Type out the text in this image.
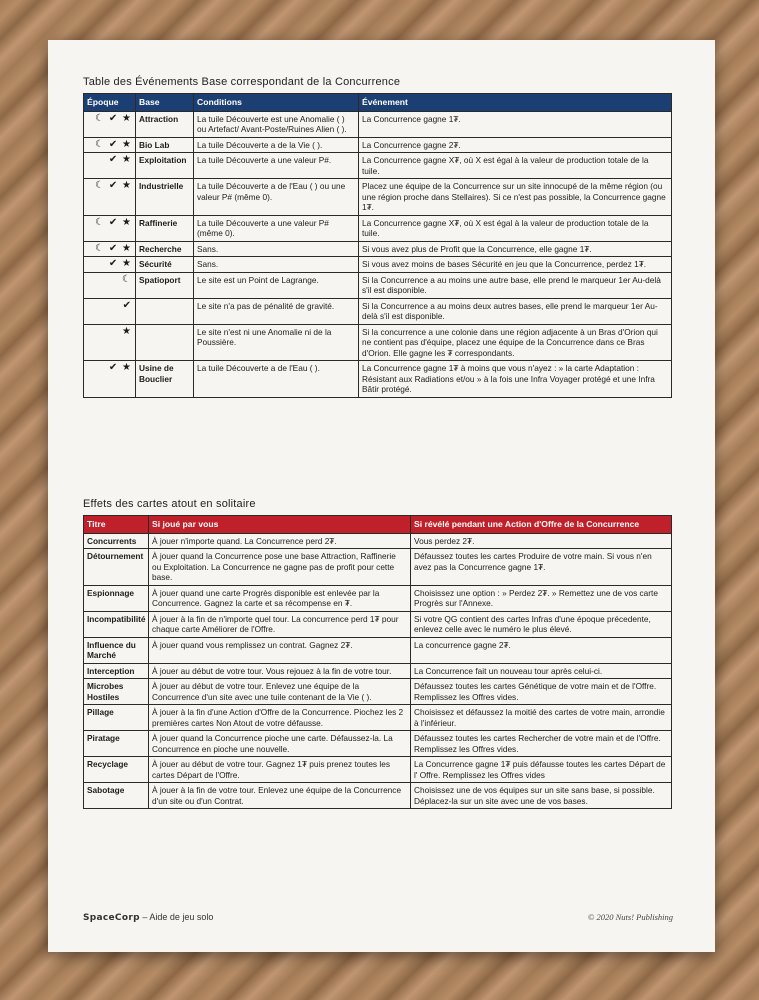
Table des Événements Base correspondant de la Concurrence
Époque	Base	Conditions	Événement
☾ ✔ ★	Attraction	La tuile Découverte est une Anomalie ( ) ou Artefact/ Avant-Poste/Ruines Alien ( ).	La Concurrence gagne 1₮.
☾ ✔ ★	Bio Lab	La tuile Découverte a de la Vie ( ).	La Concurrence gagne 2₮.
✔ ★	Exploitation	La tuile Découverte a une valeur P#.	La Concurrence gagne X₮, où X est égal à la valeur de production totale de la tuile.
☾ ✔ ★	Industrielle	La tuile Découverte a de l'Eau ( ) ou une valeur P# (même 0).	Placez une équipe de la Concurrence sur un site innocupé de la même région (ou une région proche dans Stellaires). Si ce n'est pas possible, la Concurrence gagne 1₮.
☾ ✔ ★	Raffinerie	La tuile Découverte a une valeur P# (même 0).	La Concurrence gagne X₮, où X est égal à la valeur de production totale de la tuile.
☾ ✔ ★	Recherche	Sans.	Si vous avez plus de Profit que la Concurrence, elle gagne 1₮.
✔ ★	Sécurité	Sans.	Si vous avez moins de bases Sécurité en jeu que la Concurrence, perdez 1₮.
☾	Spatioport	Le site est un Point de Lagrange.	Si la Concurrence a au moins une autre base, elle prend le marqueur 1er Au-delà s'il est disponible.
✔		Le site n'a pas de pénalité de gravité.	Si la Concurrence a au moins deux autres bases, elle prend le marqueur 1er Au-delà s'il est disponible.
★		Le site n'est ni une Anomalie ni de la Poussière.	Si la concurrence a une colonie dans une région adjacente à un Bras d'Orion qui ne contient pas d'équipe, placez une équipe de la Concurrence dans ce Bras d'Orion. Elle gagne les ₮ correspondants.
✔ ★	Usine de Bouclier	La tuile Découverte a de l'Eau ( ).	La Concurrence gagne 1₮ à moins que vous n'ayez : » la carte Adaptation : Résistant aux Radiations et/ou » à la fois une Infra Voyager protégé et une Infra Bâtir protégé.
Effets des cartes atout en solitaire
Titre	Si joué par vous	Si révélé pendant une Action d'Offre de la Concurrence
Concurrents	À jouer n'importe quand. La Concurrence perd 2₮.	Vous perdez 2₮.
Détournement	À jouer quand la Concurrence pose une base Attraction, Raffinerie ou Exploitation. La Concurrence ne gagne pas de profit pour cette base.	Défaussez toutes les cartes Produire de votre main. Si vous n'en avez pas la Concurrence gagne 1₮.
Espionnage	À jouer quand une carte Progrès disponible est enlevée par la Concurrence. Gagnez la carte et sa récompense en ₮.	Choisissez une option : » Perdez 2₮. » Remettez une de vos carte Progrès sur l'Annexe.
Incompatibilité	À jouer à la fin de n'importe quel tour. La concurrence perd 1₮ pour chaque carte Améliorer de l'Offre.	Si votre QG contient des cartes Infras d'une époque précedente, enlevez celle avec le numéro le plus élevé.
Influence du Marché	À jouer quand vous remplissez un contrat. Gagnez 2₮.	La concurrence gagne 2₮.
Interception	À jouer au début de votre tour. Vous rejouez à la fin de votre tour.	La Concurrence fait un nouveau tour après celui-ci.
Microbes Hostiles	À jouer au début de votre tour. Enlevez une équipe de la Concurrence d'un site avec une tuile contenant de la Vie ( ).	Défaussez toutes les cartes Génétique de votre main et de l'Offre. Remplissez les Offres vides.
Pillage	À jouer à la fin d'une Action d'Offre de la Concurrence. Piochez les 2 premières cartes Non Atout de votre défausse.	Choisissez et défaussez la moitié des cartes de votre main, arrondie à l'inférieur.
Piratage	À jouer quand la Concurrence pioche une carte. Défaussez-la. La Concurrence en pioche une nouvelle.	Défaussez toutes les cartes Rechercher de votre main et de l'Offre. Remplissez les Offres vides.
Recyclage	À jouer au début de votre tour. Gagnez 1₮ puis prenez toutes les cartes Départ de l'Offre.	La Concurrence gagne 1₮ puis défausse toutes les cartes Départ de l' Offre. Remplissez les Offres vides
Sabotage	À jouer à la fin de votre tour. Enlevez une équipe de la Concurrence d'un site ou d'un Contrat.	Choisissez une de vos équipes sur un site sans base, si possible. Déplacez-la sur un site avec une de vos bases.
SpaceCorp – Aide de jeu solo	© 2020 Nuts! Publishing
